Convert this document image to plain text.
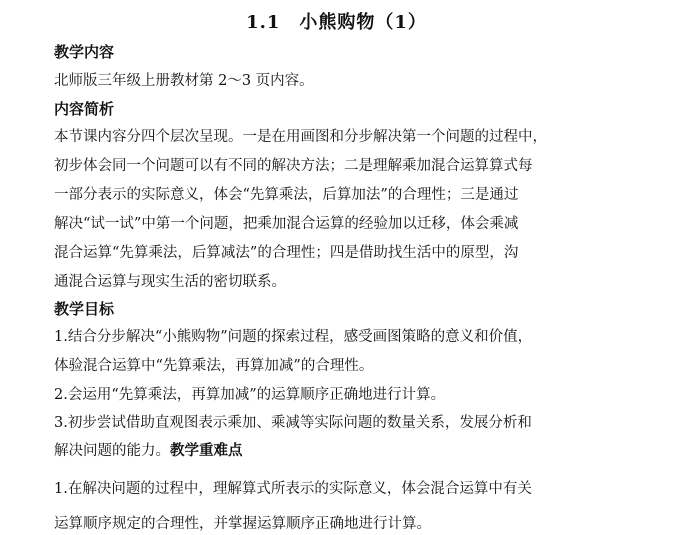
1.1　小熊购物（1）
教学内容
北师版三年级上册教材第 2～3 页内容。
内容简析
本节课内容分四个层次呈现。一是在用画图和分步解决第一个问题的过程中，
初步体会同一个问题可以有不同的解决方法；二是理解乘加混合运算算式每
一部分表示的实际意义，体会“先算乘法，后算加法”的合理性；三是通过
解决“试一试”中第一个问题，把乘加混合运算的经验加以迁移，体会乘减
混合运算“先算乘法，后算减法”的合理性；四是借助找生活中的原型，沟
通混合运算与现实生活的密切联系。
教学目标
1.结合分步解决“小熊购物”问题的探索过程，感受画图策略的意义和价值，
体验混合运算中“先算乘法，再算加减”的合理性。
2.会运用“先算乘法，再算加减”的运算顺序正确地进行计算。
3.初步尝试借助直观图表示乘加、乘减等实际问题的数量关系，发展分析和
解决问题的能力。教学重难点
1.在解决问题的过程中，理解算式所表示的实际意义，体会混合运算中有关
运算顺序规定的合理性，并掌握运算顺序正确地进行计算。
